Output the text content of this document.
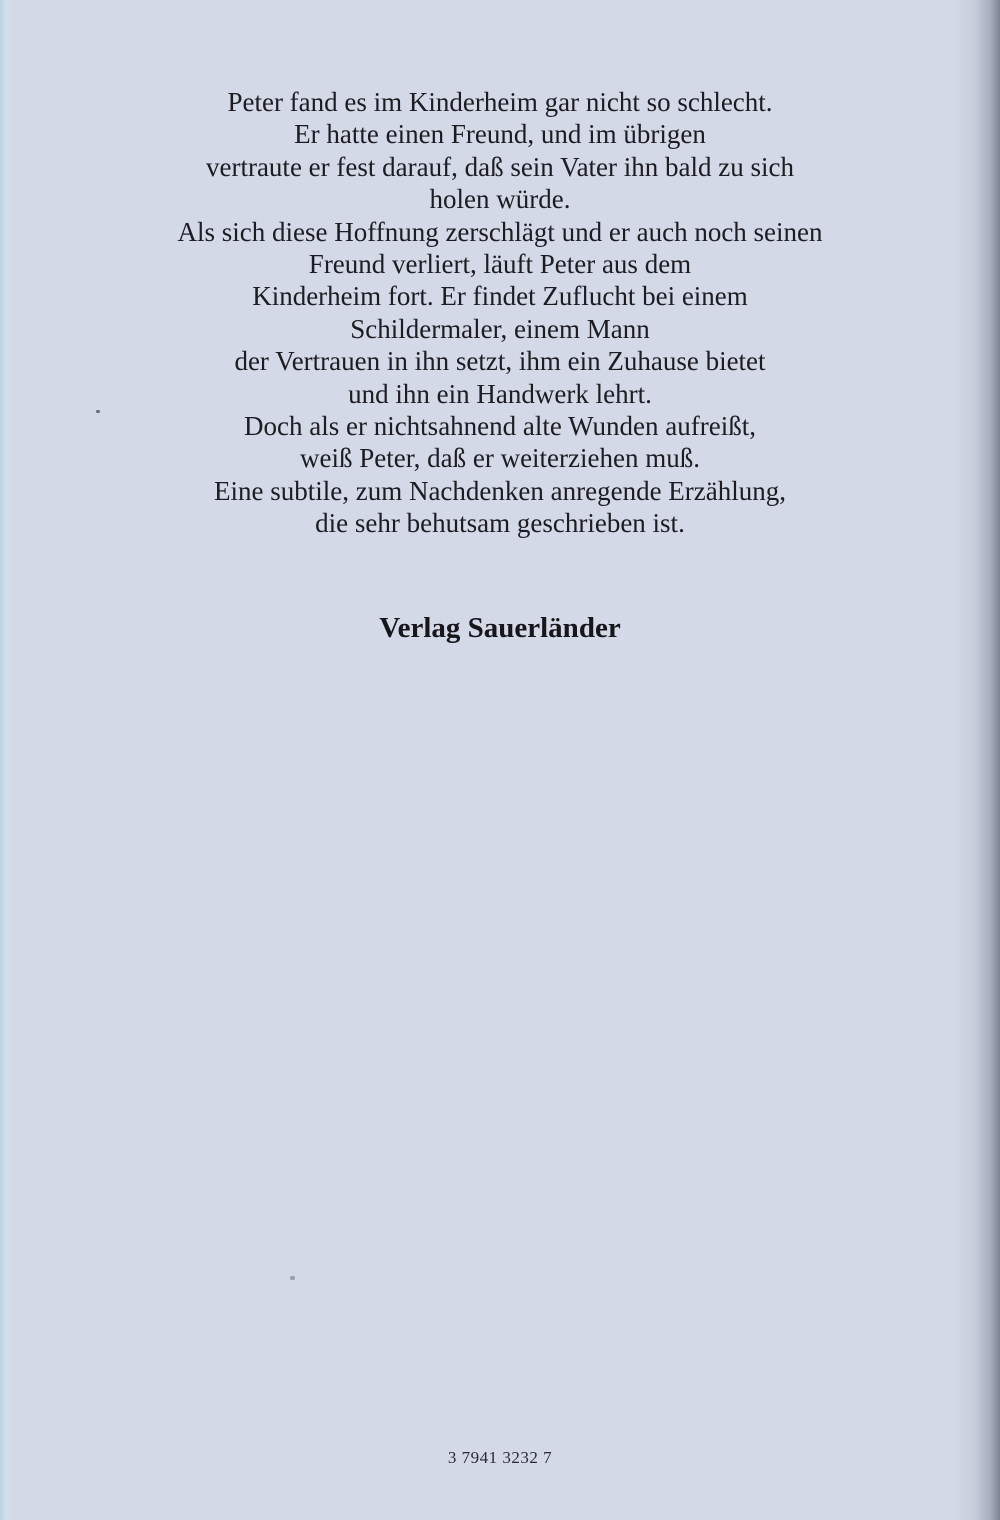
Peter fand es im Kinderheim gar nicht so schlecht.
Er hatte einen Freund, und im übrigen
vertraute er fest darauf, daß sein Vater ihn bald zu sich
holen würde.
Als sich diese Hoffnung zerschlägt und er auch noch seinen
Freund verliert, läuft Peter aus dem
Kinderheim fort. Er findet Zuflucht bei einem
Schildermaler, einem Mann
der Vertrauen in ihn setzt, ihm ein Zuhause bietet
und ihn ein Handwerk lehrt.
Doch als er nichtsahnend alte Wunden aufreißt,
weiß Peter, daß er weiterziehen muß.
Eine subtile, zum Nachdenken anregende Erzählung,
die sehr behutsam geschrieben ist.
Verlag Sauerländer
3 7941 3232 7
